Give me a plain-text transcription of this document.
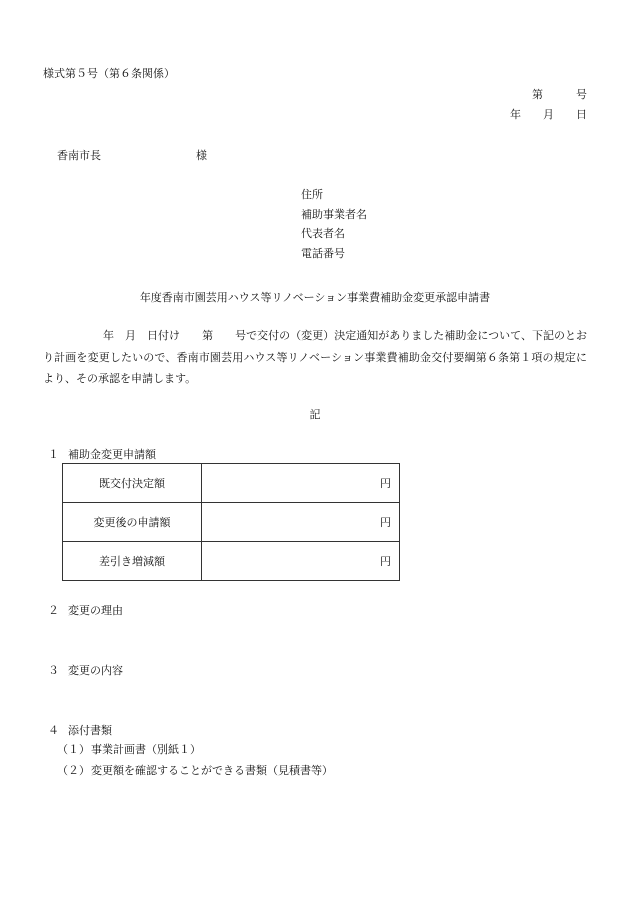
様式第５号（第６条関係）
第　　　号
年　　月　　日
香南市長	様
住所
補助事業者名
代表者名
電話番号
年度香南市園芸用ハウス等リノベーション事業費補助金変更承認申請書
年　月　日付け　　第　　号で交付の（変更）決定通知がありました補助金について、下記のとおり計画を変更したいので、香南市園芸用ハウス等リノベーション事業費補助金交付要綱第６条第１項の規定により、その承認を申請します。
記
１ 補助金変更申請額
既交付決定額	円
変更後の申請額	円
差引き増減額	円
２ 変更の理由
３ 変更の内容
４ 添付書類
（１）事業計画書（別紙１）
（２）変更額を確認することができる書類（見積書等）
